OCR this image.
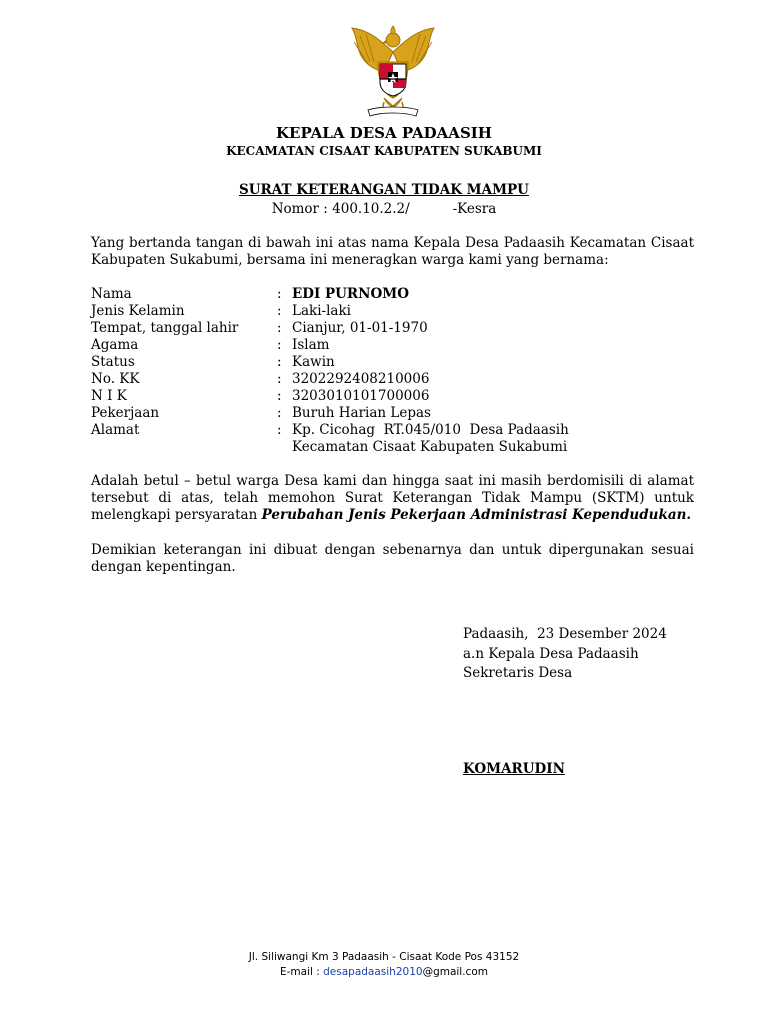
KEPALA DESA PADAASIH
KECAMATAN CISAAT KABUPATEN SUKABUMI
SURAT KETERANGAN TIDAK MAMPU
Nomor : 400.10.2.2/          -Kesra
Yang bertanda tangan di bawah ini atas nama Kepala Desa Padaasih Kecamatan Cisaat Kabupaten Sukabumi, bersama ini meneragkan warga kami yang bernama:
Nama	: EDI PURNOMO
Jenis Kelamin	: Laki-laki
Tempat, tanggal lahir	: Cianjur, 01-01-1970
Agama	: Islam
Status	: Kawin
No. KK	: 3202292408210006
N I K	: 3203010101700006
Pekerjaan	: Buruh Harian Lepas
Alamat	: Kp. Cicohag  RT.045/010  Desa Padaasih
Kecamatan Cisaat Kabupaten Sukabumi
Adalah betul – betul warga Desa kami dan hingga saat ini masih berdomisili di alamat tersebut di atas, telah memohon Surat Keterangan Tidak Mampu (SKTM) untuk melengkapi persyaratan Perubahan Jenis Pekerjaan Administrasi Kependudukan.
Demikian keterangan ini dibuat dengan sebenarnya dan untuk dipergunakan sesuai dengan kepentingan.
Padaasih,  23 Desember 2024
a.n Kepala Desa Padaasih
Sekretaris Desa
KOMARUDIN
Jl. Siliwangi Km 3 Padaasih - Cisaat Kode Pos 43152
E-mail : desapadaasih2010@gmail.com
